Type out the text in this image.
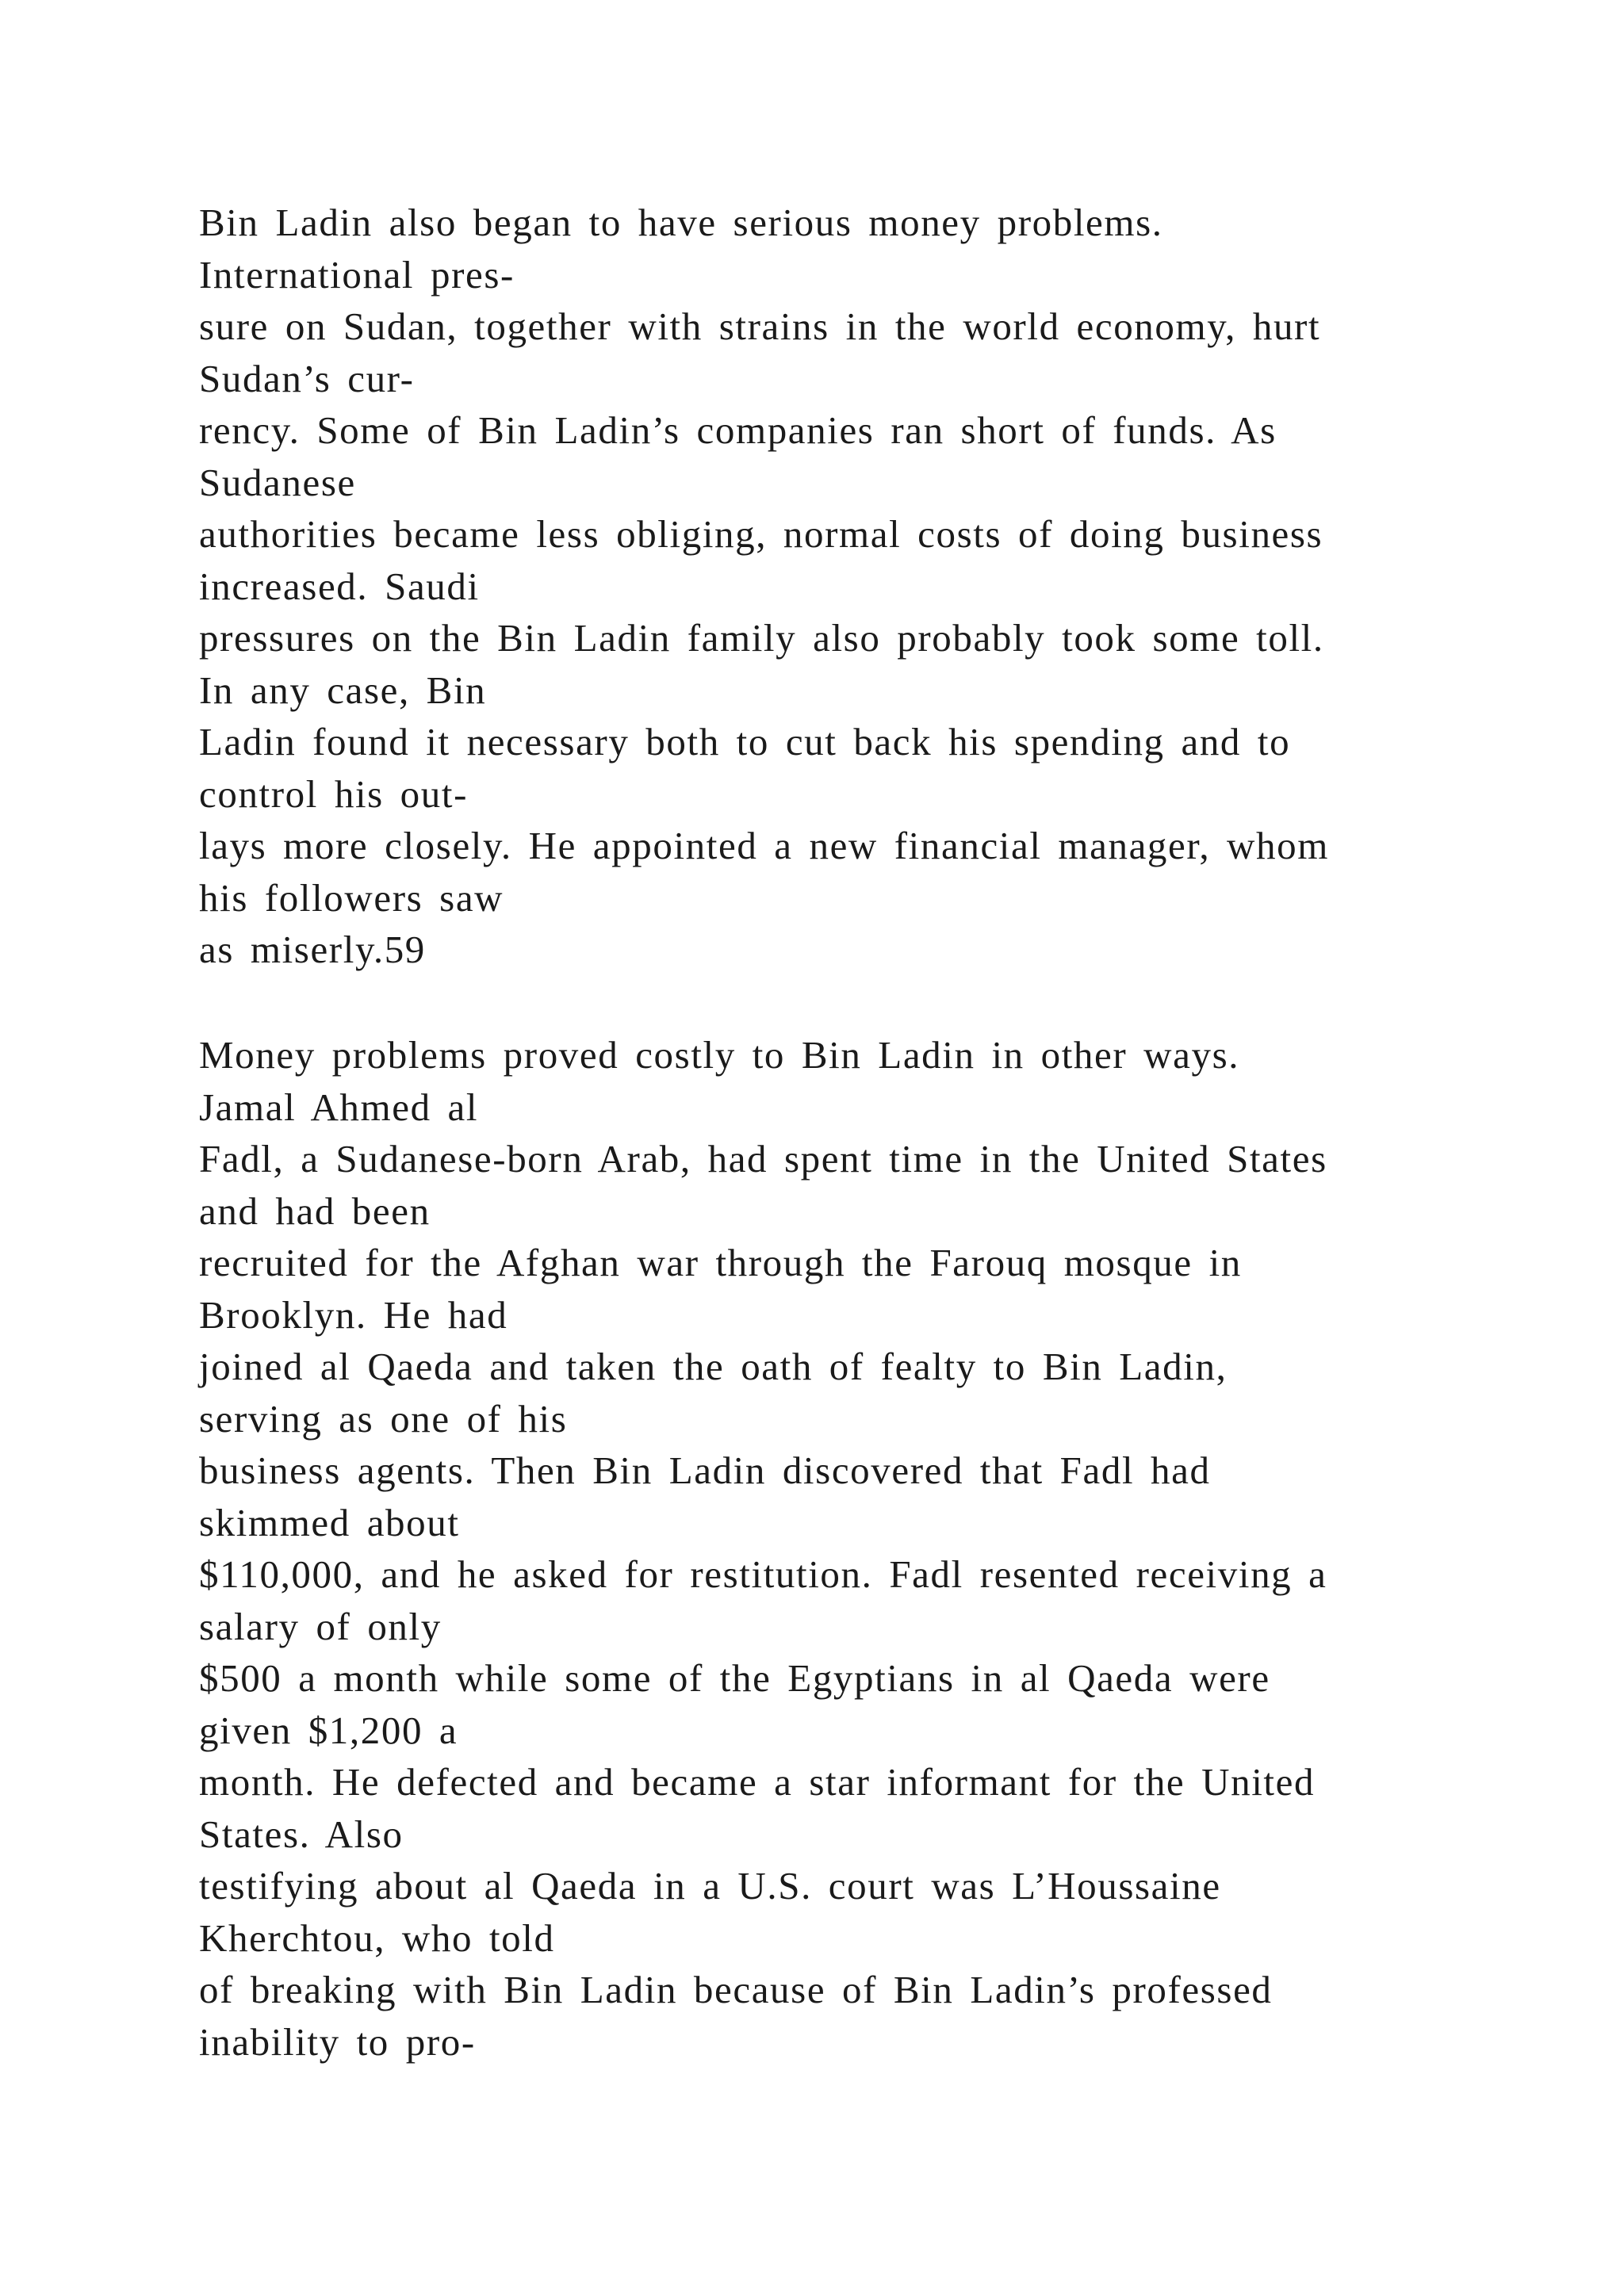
Bin Ladin also began to have serious money problems.
International pres-
sure on Sudan, together with strains in the world economy, hurt
Sudan’s cur-
rency. Some of Bin Ladin’s companies ran short of funds. As
Sudanese
authorities became less obliging, normal costs of doing business
increased. Saudi
pressures on the Bin Ladin family also probably took some toll.
In any case, Bin
Ladin found it necessary both to cut back his spending and to
control his out-
lays more closely. He appointed a new financial manager, whom
his followers saw
as miserly.59
Money problems proved costly to Bin Ladin in other ways.
Jamal Ahmed al
Fadl, a Sudanese-born Arab, had spent time in the United States
and had been
recruited for the Afghan war through the Farouq mosque in
Brooklyn. He had
joined al Qaeda and taken the oath of fealty to Bin Ladin,
serving as one of his
business agents. Then Bin Ladin discovered that Fadl had
skimmed about
$110,000, and he asked for restitution. Fadl resented receiving a
salary of only
$500 a month while some of the Egyptians in al Qaeda were
given $1,200 a
month. He defected and became a star informant for the United
States. Also
testifying about al Qaeda in a U.S. court was L’Houssaine
Kherchtou, who told
of breaking with Bin Ladin because of Bin Ladin’s professed
inability to pro-
